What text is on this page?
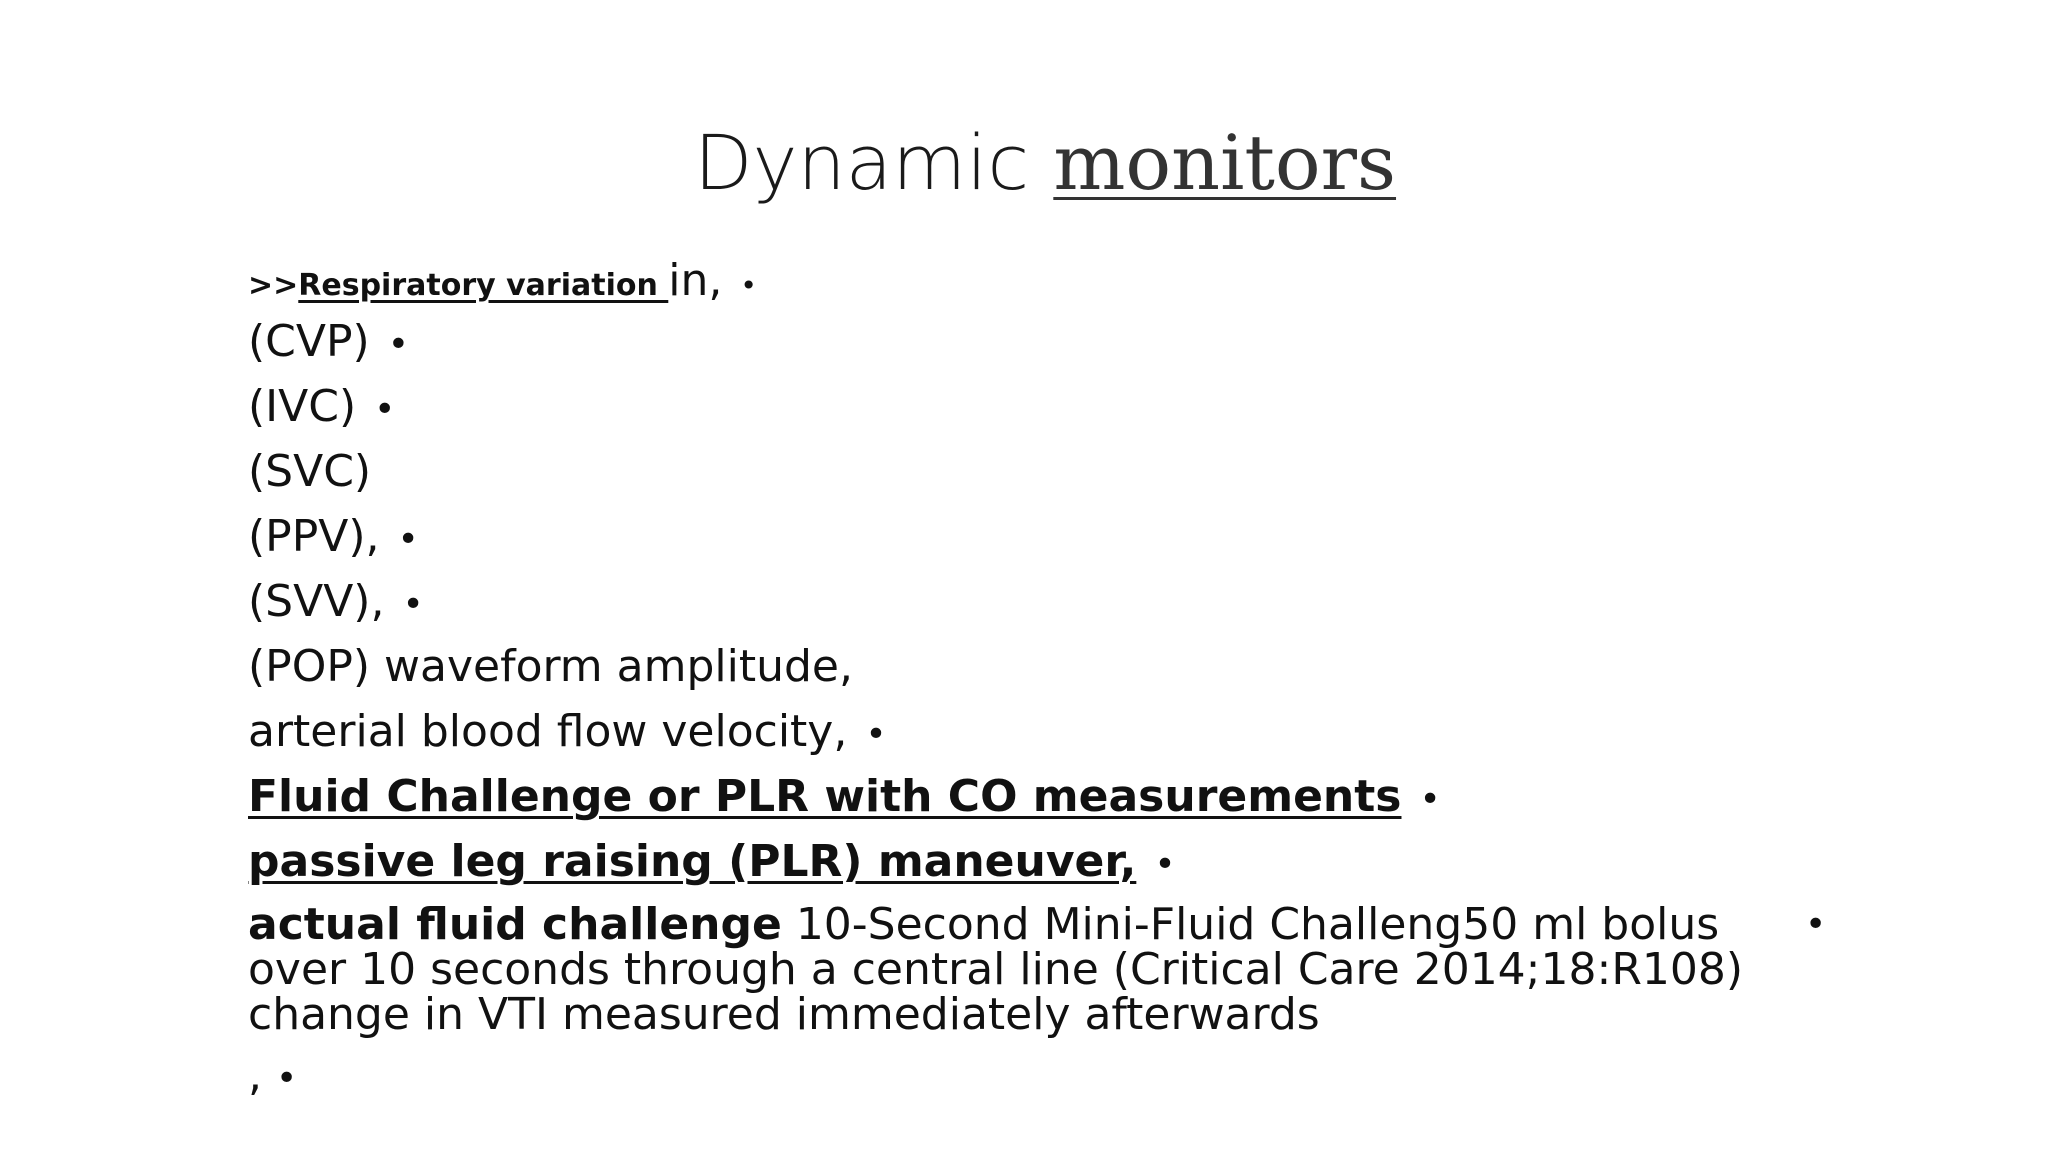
Dynamic monitors
>>Respiratory variation in, •
(CVP) •
(IVC) •
(SVC)
(PPV), •
(SVV), •
(POP) waveform amplitude,
arterial blood flow velocity, •
Fluid Challenge or PLR with CO measurements •
passive leg raising (PLR) maneuver, •
actual fluid challenge 10-Second Mini-Fluid Challeng50 ml bolus over 10 seconds through a central line (Critical Care 2014;18:R108) change in VTI measured immediately afterwards
•
, •
